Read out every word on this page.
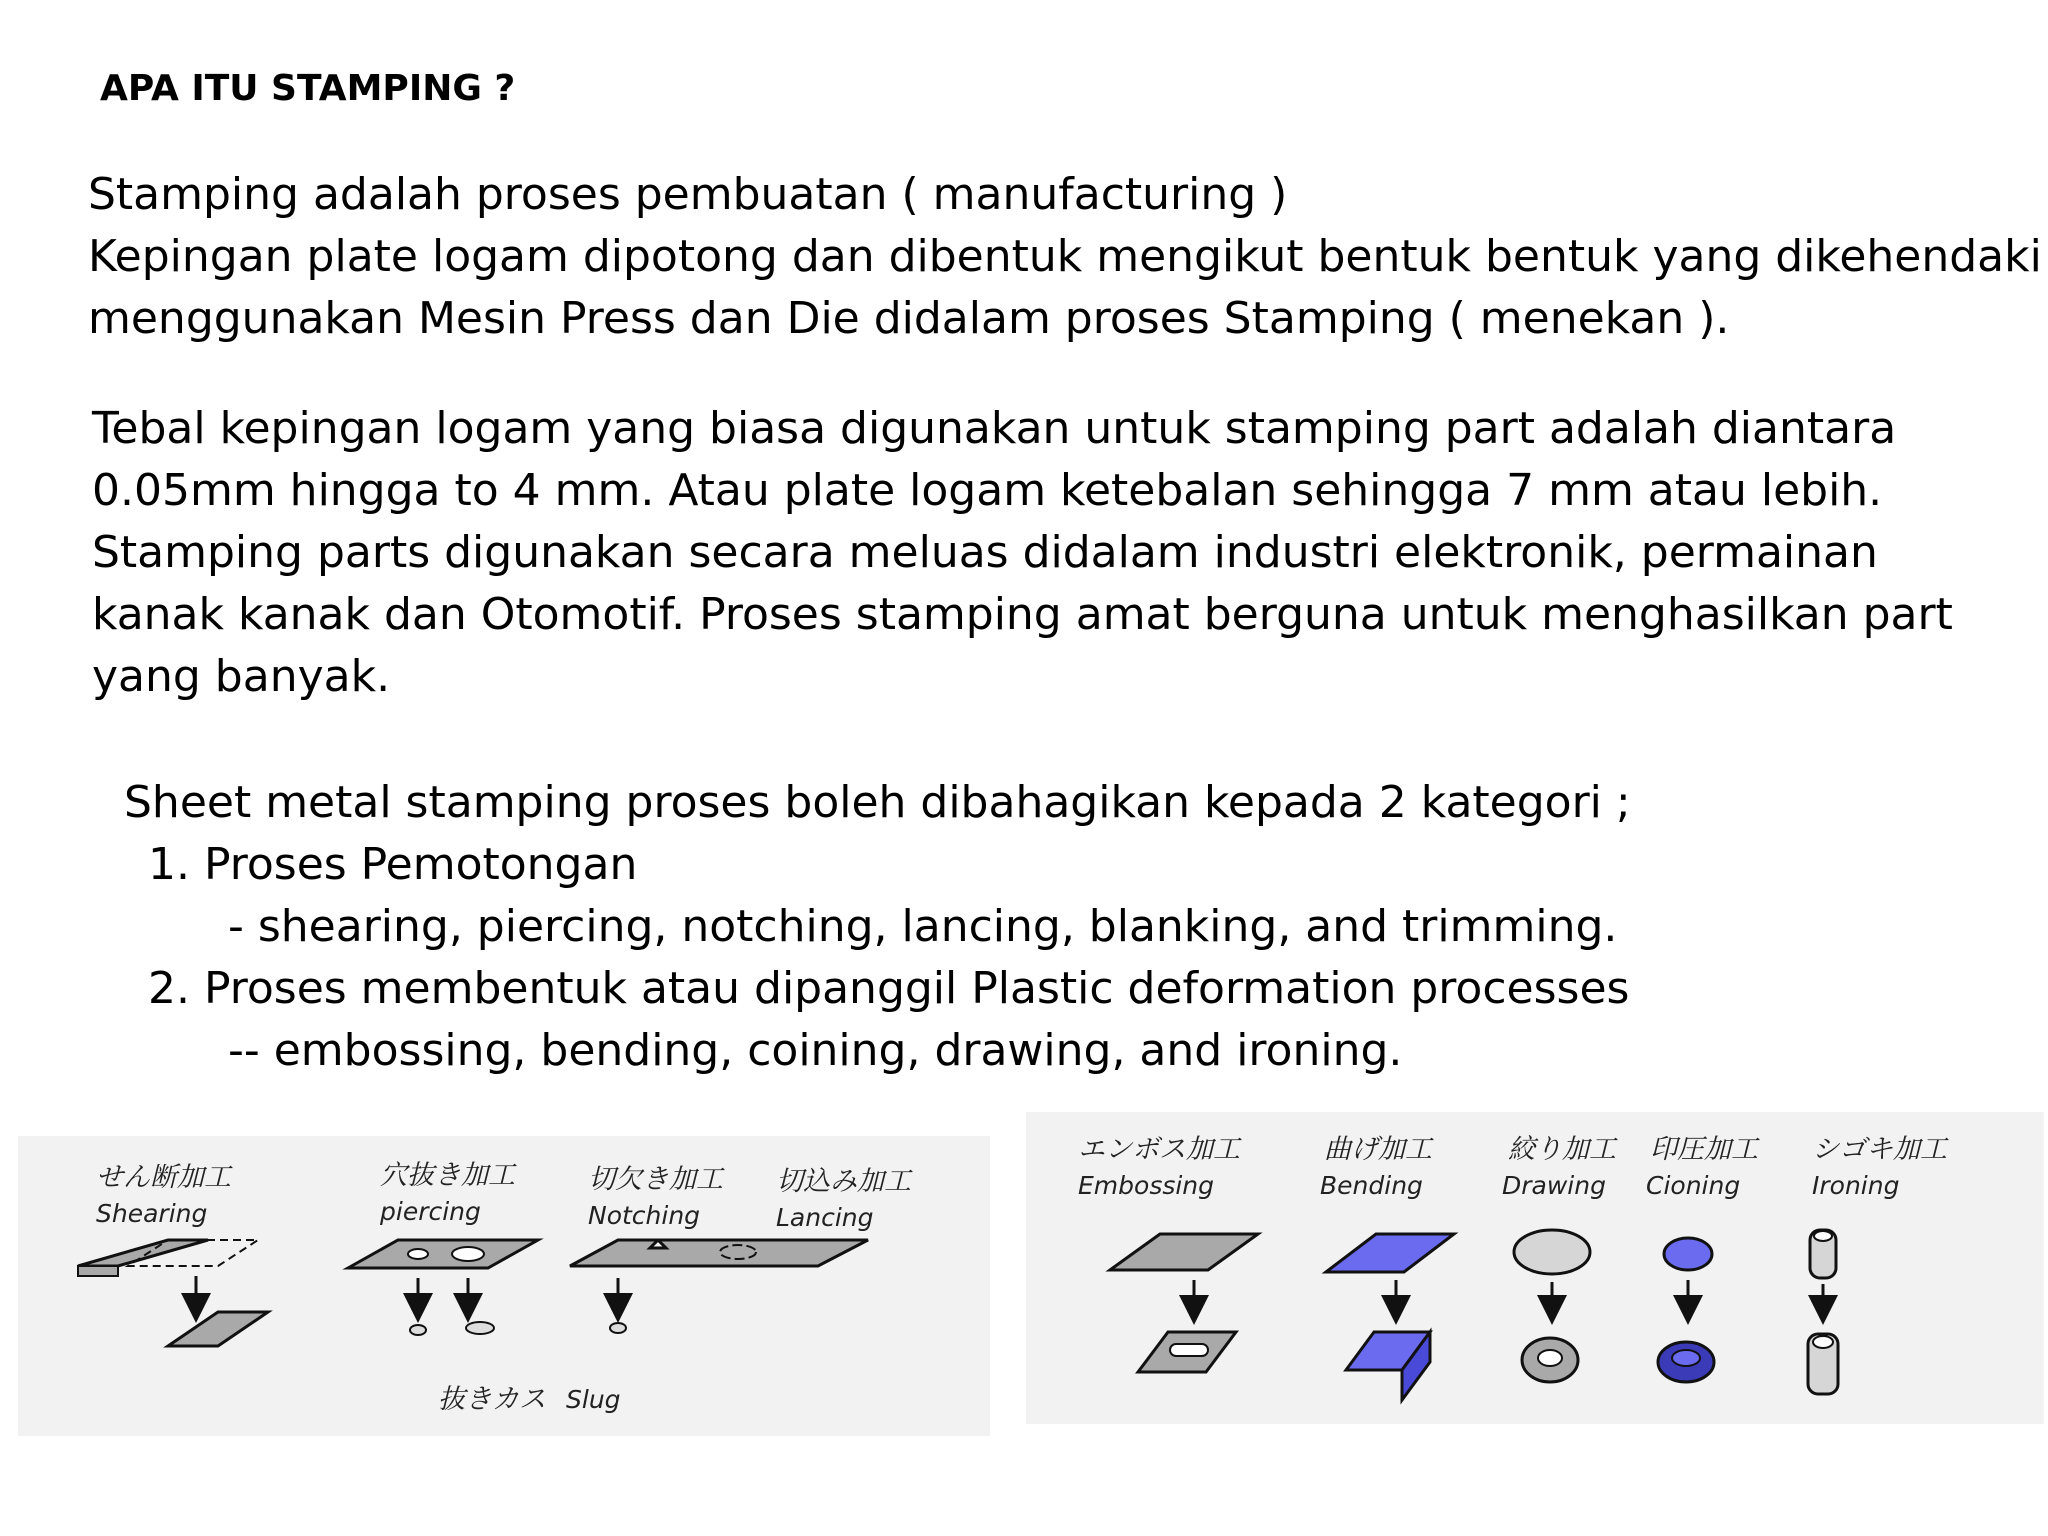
APA ITU STAMPING ?
Stamping adalah proses pembuatan ( manufacturing )
Kepingan plate logam dipotong dan dibentuk mengikut bentuk bentuk yang dikehendaki
menggunakan Mesin Press dan Die didalam proses Stamping ( menekan ).
Tebal kepingan logam yang biasa digunakan untuk stamping part adalah diantara
0.05mm hingga to 4 mm. Atau plate logam ketebalan sehingga 7 mm atau lebih.
Stamping parts digunakan secara meluas didalam industri elektronik, permainan
kanak kanak dan Otomotif. Proses stamping amat berguna untuk menghasilkan part
yang banyak.
Sheet metal stamping proses boleh dibahagikan kepada 2 kategori ;
1. Proses Pemotongan
- shearing, piercing, notching, lancing, blanking, and trimming.
2. Proses membentuk atau dipanggil Plastic deformation processes
-- embossing, bending, coining, drawing, and ironing.
せん断加工
Shearing
穴抜き加工
piercing
切欠き加工
Notching
切込み加工
Lancing
抜きカス Slug
エンボス加工
Embossing
曲げ加工
Bending
絞り加工
Drawing
印圧加工
Cioning
シゴキ加工
Ironing
